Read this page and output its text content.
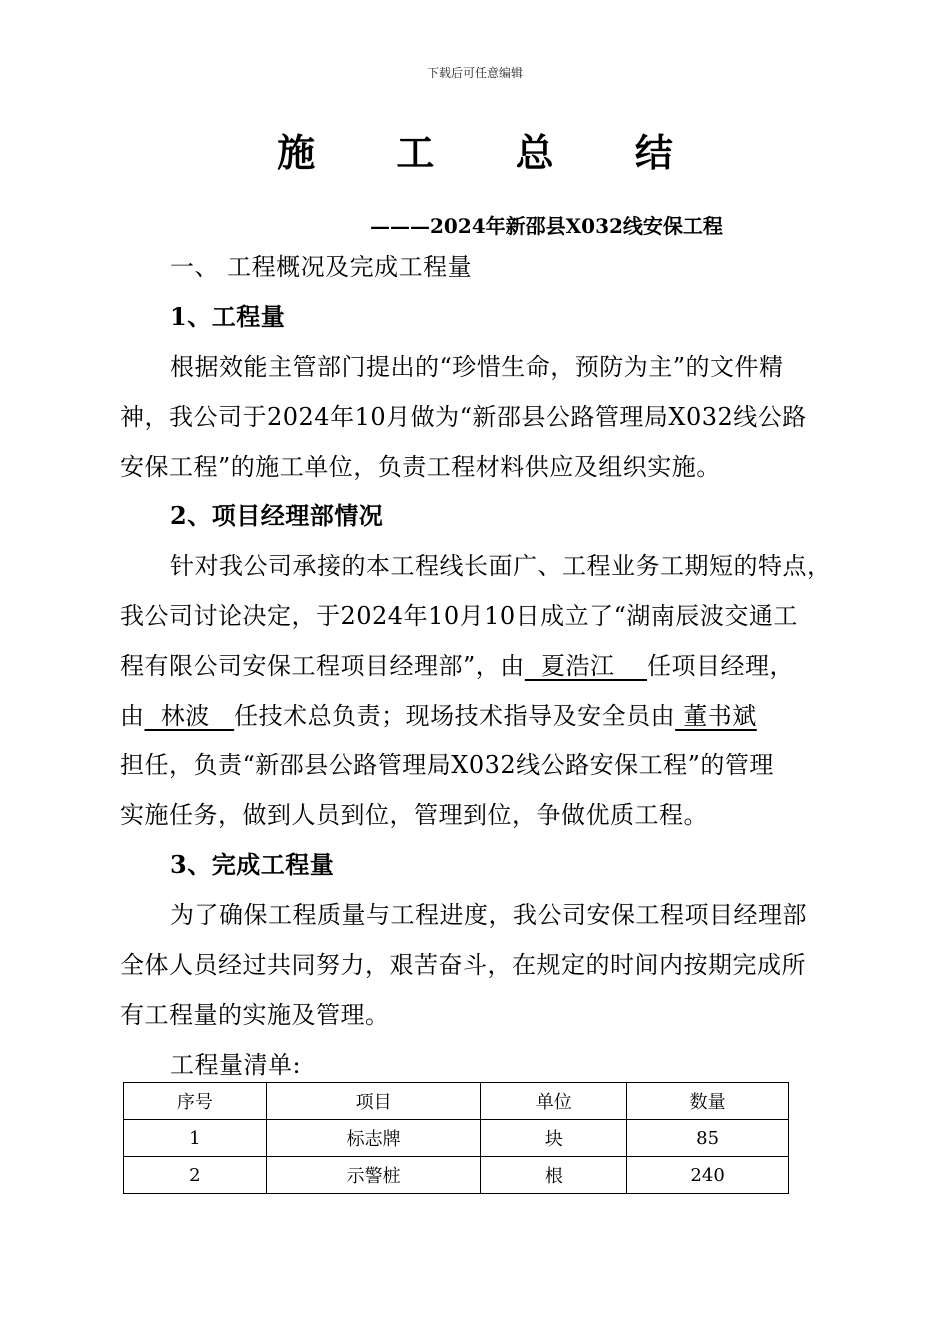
下载后可任意编辑
施 工 总 结
———2024年新邵县X032线安保工程
一、 工程概况及完成工程量
1、工程量
根据效能主管部门提出的“珍惜生命，预防为主”的文件精
神，我公司于2024年10月做为“新邵县公路管理局X032线公路
安保工程”的施工单位，负责工程材料供应及组织实施。
2、项目经理部情况
针对我公司承接的本工程线长面广、工程业务工期短的特点，
我公司讨论决定，于2024年10月10日成立了“湖南辰波交通工
程有限公司安保工程项目经理部”，由  夏浩江    任项目经理，
由  林波   任技术总负责；现场技术指导及安全员由 董书斌
担任，负责“新邵县公路管理局X032线公路安保工程”的管理
实施任务，做到人员到位，管理到位，争做优质工程。
3、完成工程量
为了确保工程质量与工程进度，我公司安保工程项目经理部
全体人员经过共同努力，艰苦奋斗，在规定的时间内按期完成所
有工程量的实施及管理。
工程量清单:
序号	项目	单位	数量
1	标志牌	块	85
2	示警桩	根	240
